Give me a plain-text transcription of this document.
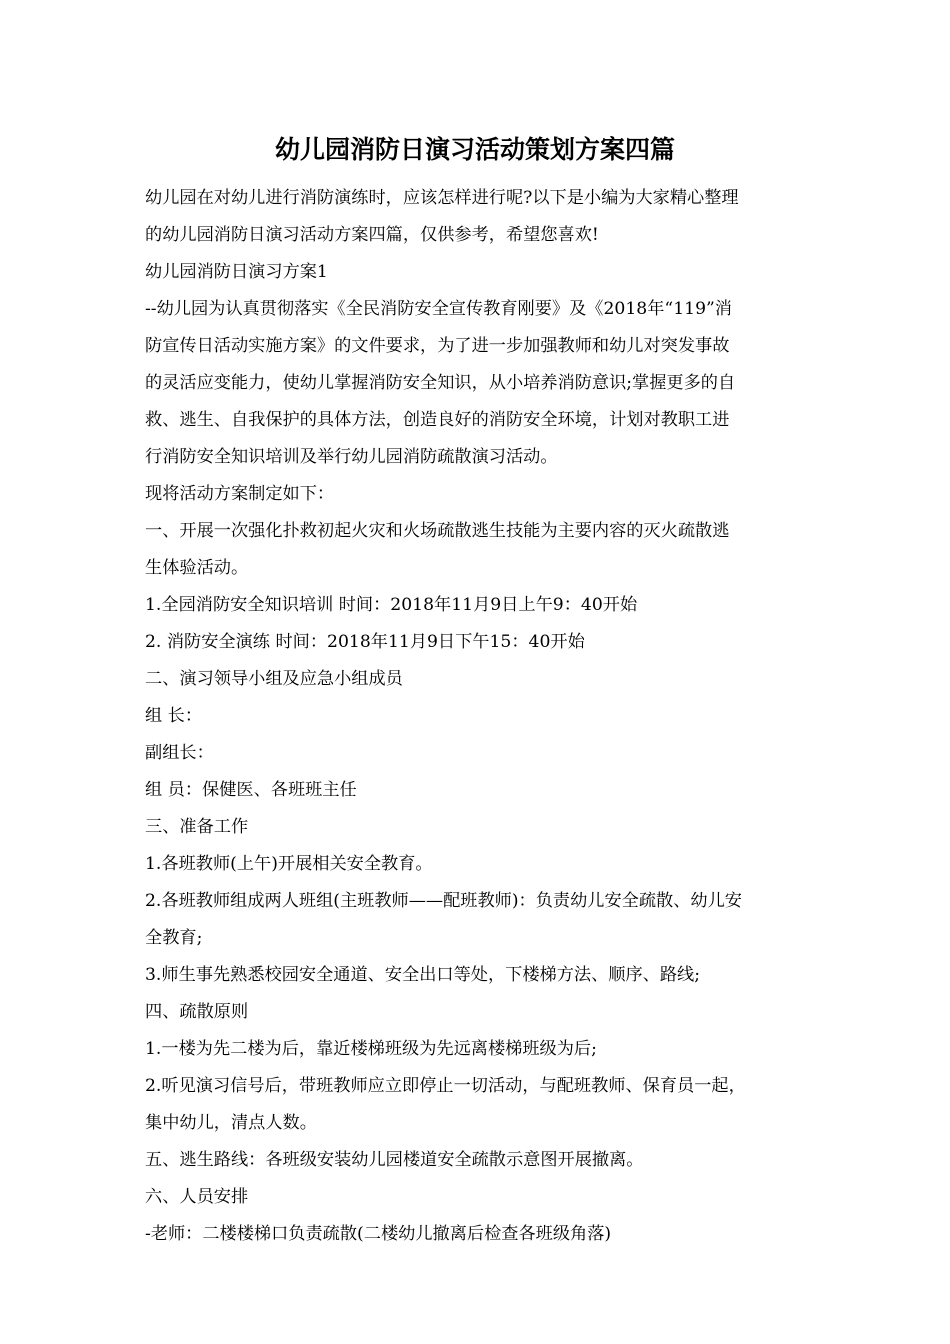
幼儿园消防日演习活动策划方案四篇
幼儿园在对幼儿进行消防演练时，应该怎样进行呢?以下是小编为大家精心整理
的幼儿园消防日演习活动方案四篇，仅供参考，希望您喜欢!
幼儿园消防日演习方案1
--幼儿园为认真贯彻落实《全民消防安全宣传教育刚要》及《2018年“119”消
防宣传日活动实施方案》的文件要求，为了进一步加强教师和幼儿对突发事故
的灵活应变能力，使幼儿掌握消防安全知识，从小培养消防意识;掌握更多的自
救、逃生、自我保护的具体方法，创造良好的消防安全环境，计划对教职工进
行消防安全知识培训及举行幼儿园消防疏散演习活动。
现将活动方案制定如下：
一、开展一次强化扑救初起火灾和火场疏散逃生技能为主要内容的灭火疏散逃
生体验活动。
1.全园消防安全知识培训 时间：2018年11月9日上午9：40开始
2. 消防安全演练 时间：2018年11月9日下午15：40开始
二、演习领导小组及应急小组成员
组 长：
副组长：
组 员：保健医、各班班主任
三、准备工作
1.各班教师(上午)开展相关安全教育。
2.各班教师组成两人班组(主班教师——配班教师)：负责幼儿安全疏散、幼儿安
全教育;
3.师生事先熟悉校园安全通道、安全出口等处，下楼梯方法、顺序、路线;
四、疏散原则
1.一楼为先二楼为后，靠近楼梯班级为先远离楼梯班级为后;
2.听见演习信号后，带班教师应立即停止一切活动，与配班教师、保育员一起，
集中幼儿，清点人数。
五、逃生路线：各班级安装幼儿园楼道安全疏散示意图开展撤离。
六、人员安排
-老师：二楼楼梯口负责疏散(二楼幼儿撤离后检查各班级角落)
